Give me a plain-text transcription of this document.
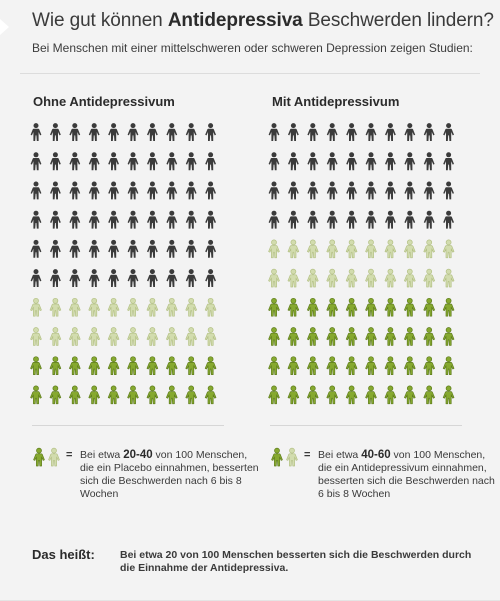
Wie gut können Antidepressiva Beschwerden lindern?
Bei Menschen mit einer mittelschweren oder schweren Depression zeigen Studien:
Ohne Antidepressivum	Mit Antidepressivum
= Bei etwa 20-40 von 100 Menschen,
die ein Placebo einnahmen, besserten sich die Beschwerden nach 6 bis 8 Wochen
= Bei etwa 40-60 von 100 Menschen,
die ein Antidepressivum einnahmen, besserten sich die Beschwerden nach 6 bis 8 Wochen
Das heißt: Bei etwa 20 von 100 Menschen besserten sich die Beschwerden durch die Einnahme der Antidepressiva.
